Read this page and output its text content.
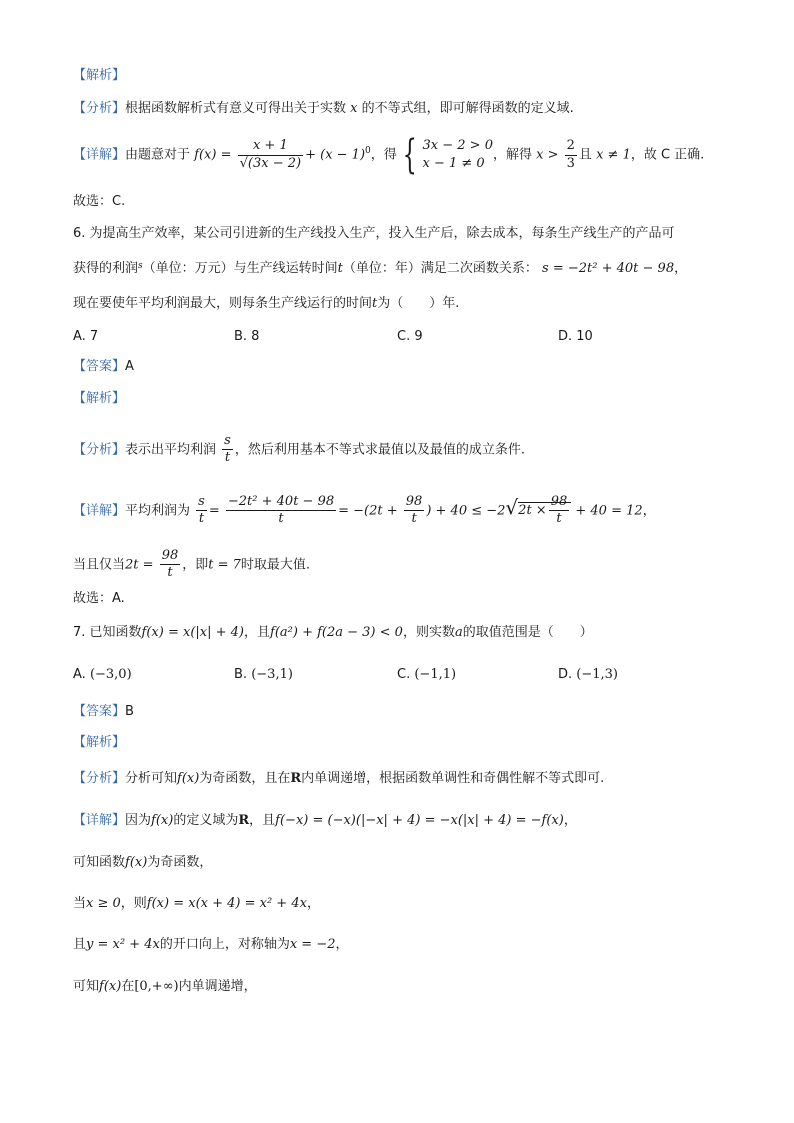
【解析】
【分析】根据函数解析式有意义可得出关于实数 x 的不等式组，即可解得函数的定义域.
【详解】由题意对于 $f(x) = \frac{x + 1}{√(3x - 2)} + (x - 1)^0$，得 { 3x − 2 > 0
x − 1 ≠ 0
，解得 $x > \frac{2}{3}$ 且 x ≠ 1，故 C 正确.
故选：C.
6. 为提高生产效率，某公司引进新的生产线投入生产，投入生产后，除去成本，每条生产线生产的产品可
获得的利润$^s$（单位：万元）与生产线运转时间t（单位：年）满足二次函数关系： s = −2t² + 40t − 98，
现在要使年平均利润最大，则每条生产线运行的时间t为（　　）年.
A. 7	B. 8	C. 9	D. 10
【答案】A
【解析】
【分析】表示出平均利润 $\frac{s}{t}$ ，然后利用基本不等式求最值以及最值的成立条件.
【详解】平均利润为 $\frac{s}{t} = \frac{\text{−2t² + 40t − 98}}{t} = -(2t + \frac{98}{t}$ ) + $40 \le -2√2t \times \frac{98}{t} + 40 = 12$，
当且仅当$2t = \frac{98}{t}$ ，即t = 7时取最大值.
故选：A.
7. 已知函数f(x) = x(|x| + 4)，且f(a²) + f(2a − 3) < 0，则实数a的取值范围是（　　）
A. (−3,0)	B. (−3,1)	C. (−1,1)	D. (−1,3)
【答案】B
【解析】
【分析】分析可知f(x)为奇函数，且在R内单调递增，根据函数单调性和奇偶性解不等式即可.
【详解】因为f(x)的定义域为R，且f(−x) = (−x)(|−x| + 4) = −x(|x| + 4) = −f(x)，
可知函数f(x)为奇函数，
当x ≥ 0，则f(x) = x(x + 4) = x² + 4x，
且y = x² + 4x的开口向上，对称轴为x = −2，
可知f(x)在[0,+∞)内单调递增，
